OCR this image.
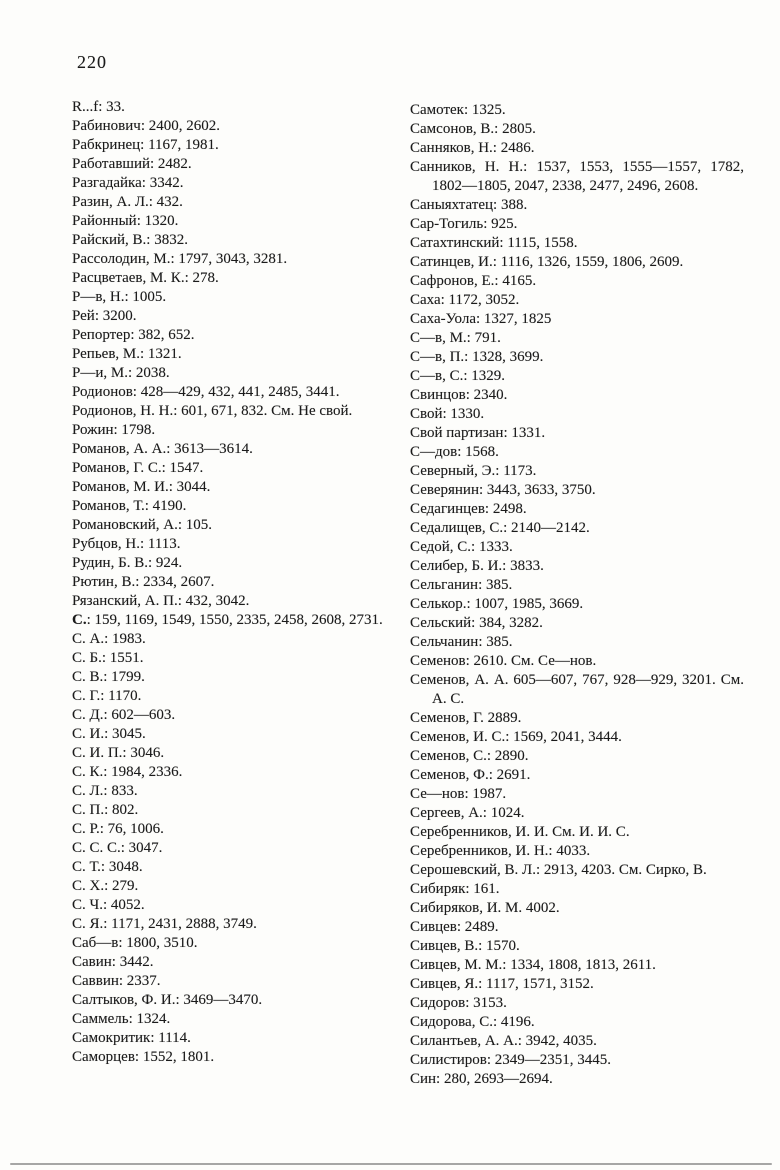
220
R...f: 33.
Рабинович: 2400, 2602.
Рабкринец: 1167, 1981.
Работавший: 2482.
Разгадайка: 3342.
Разин, А. Л.: 432.
Районный: 1320.
Райский, В.: 3832.
Рассолодин, М.: 1797, 3043, 3281.
Расцветаев, М. К.: 278.
Р—в, Н.: 1005.
Рей: 3200.
Репортер: 382, 652.
Репьев, М.: 1321.
Р—и, М.: 2038.
Родионов: 428—429, 432, 441, 2485, 3441.
Родионов, Н. Н.: 601, 671, 832. См. Не свой.
Рожин: 1798.
Романов, А. А.: 3613—3614.
Романов, Г. С.: 1547.
Романов, М. И.: 3044.
Романов, Т.: 4190.
Романовский, А.: 105.
Рубцов, Н.: 1113.
Рудин, Б. В.: 924.
Рютин, В.: 2334, 2607.
Рязанский, А. П.: 432, 3042.
С.: 159, 1169, 1549, 1550, 2335, 2458, 2608, 2731.
С. А.: 1983.
С. Б.: 1551.
С. В.: 1799.
С. Г.: 1170.
С. Д.: 602—603.
С. И.: 3045.
С. И. П.: 3046.
С. К.: 1984, 2336.
С. Л.: 833.
С. П.: 802.
С. Р.: 76, 1006.
С. С. С.: 3047.
С. Т.: 3048.
С. Х.: 279.
С. Ч.: 4052.
С. Я.: 1171, 2431, 2888, 3749.
Саб—в: 1800, 3510.
Савин: 3442.
Саввин: 2337.
Салтыков, Ф. И.: 3469—3470.
Саммель: 1324.
Самокритик: 1114.
Саморцев: 1552, 1801.
Самотек: 1325.
Самсонов, В.: 2805.
Санняков, Н.: 2486.
Санников, Н. Н.: 1537, 1553, 1555—1557, 1782, 1802—1805, 2047, 2338, 2477, 2496, 2608.
Саныяхтатец: 388.
Сар-Тогиль: 925.
Сатахтинский: 1115, 1558.
Сатинцев, И.: 1116, 1326, 1559, 1806, 2609.
Сафронов, Е.: 4165.
Саха: 1172, 3052.
Саха-Уола: 1327, 1825
С—в, М.: 791.
С—в, П.: 1328, 3699.
С—в, С.: 1329.
Свинцов: 2340.
Свой: 1330.
Свой партизан: 1331.
С—дов: 1568.
Северный, Э.: 1173.
Северянин: 3443, 3633, 3750.
Седагинцев: 2498.
Седалищев, С.: 2140—2142.
Седой, С.: 1333.
Селибер, Б. И.: 3833.
Сельганин: 385.
Селькор.: 1007, 1985, 3669.
Сельский: 384, 3282.
Сельчанин: 385.
Семенов: 2610. См. Се—нов.
Семенов, А. А. 605—607, 767, 928—929, 3201. См. А. С.
Семенов, Г. 2889.
Семенов, И. С.: 1569, 2041, 3444.
Семенов, С.: 2890.
Семенов, Ф.: 2691.
Се—нов: 1987.
Сергеев, А.: 1024.
Серебренников, И. И. См. И. И. С.
Серебренников, И. Н.: 4033.
Серошевский, В. Л.: 2913, 4203. См. Сирко, В.
Сибиряк: 161.
Сибиряков, И. М. 4002.
Сивцев: 2489.
Сивцев, В.: 1570.
Сивцев, М. М.: 1334, 1808, 1813, 2611.
Сивцев, Я.: 1117, 1571, 3152.
Сидоров: 3153.
Сидорова, С.: 4196.
Силантьев, А. А.: 3942, 4035.
Силистиров: 2349—2351, 3445.
Син: 280, 2693—2694.
